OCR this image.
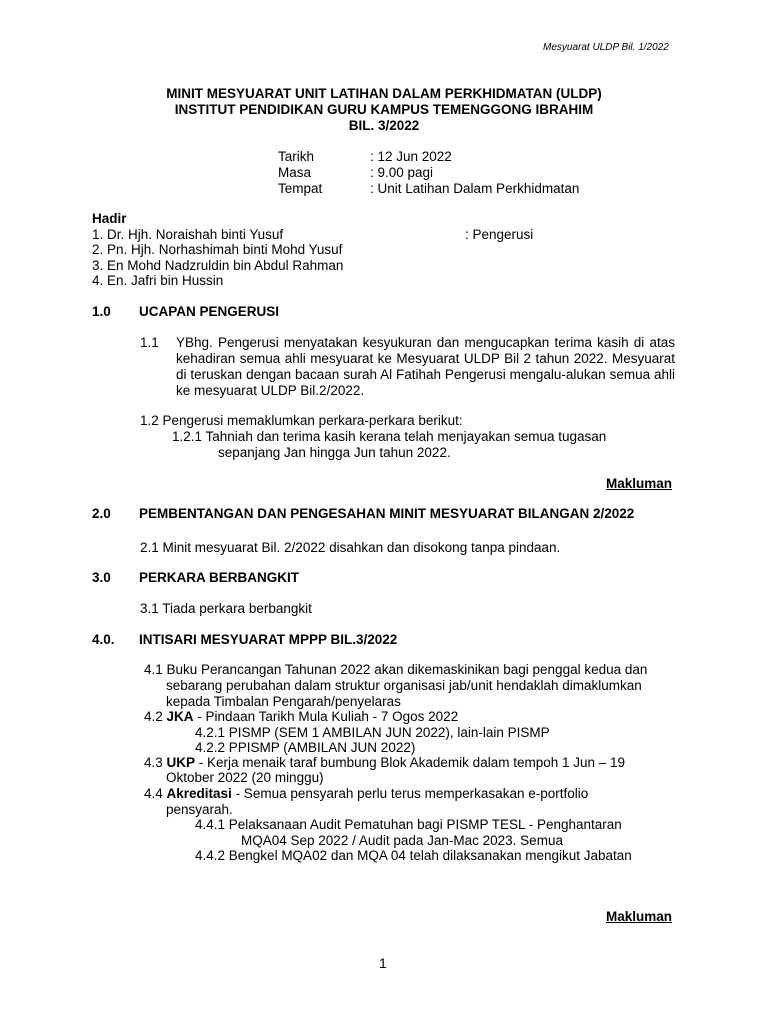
Mesyuarat ULDP Bil. 1/2022
MINIT MESYUARAT UNIT LATIHAN DALAM PERKHIDMATAN (ULDP)
INSTITUT PENDIDIKAN GURU KAMPUS TEMENGGONG IBRAHIM
BIL. 3/2022
Tarikh	: 12 Jun 2022
Masa	: 9.00 pagi
Tempat	: Unit Latihan Dalam Perkhidmatan
Hadir
1. Dr. Hjh. Noraishah binti Yusuf	: Pengerusi
2. Pn. Hjh. Norhashimah binti Mohd Yusuf
3. En Mohd Nadzruldin bin Abdul Rahman
4. En. Jafri bin Hussin
1.0 UCAPAN PENGERUSI
1.1 YBhg. Pengerusi menyatakan kesyukuran dan mengucapkan terima kasih di atas kehadiran semua ahli mesyuarat ke Mesyuarat ULDP Bil 2 tahun 2022. Mesyuarat di teruskan dengan bacaan surah Al Fatihah Pengerusi mengalu-alukan semua ahli ke mesyuarat ULDP Bil.2/2022.
1.2 Pengerusi memaklumkan perkara-perkara berikut:
1.2.1 Tahniah dan terima kasih kerana telah menjayakan semua tugasan
sepanjang Jan hingga Jun tahun 2022.
Makluman
2.0 PEMBENTANGAN DAN PENGESAHAN MINIT MESYUARAT BILANGAN 2/2022
2.1 Minit mesyuarat Bil. 2/2022 disahkan dan disokong tanpa pindaan.
3.0 PERKARA BERBANGKIT
3.1 Tiada perkara berbangkit
4.0. INTISARI MESYUARAT MPPP BIL.3/2022
4.1 Buku Perancangan Tahunan 2022 akan dikemaskinikan bagi penggal kedua dan
sebarang perubahan dalam struktur organisasi jab/unit hendaklah dimaklumkan
kepada Timbalan Pengarah/penyelaras
4.2 JKA - Pindaan Tarikh Mula Kuliah - 7 Ogos 2022
4.2.1 PISMP (SEM 1 AMBILAN JUN 2022), lain-lain PISMP
4.2.2 PPISMP (AMBILAN JUN 2022)
4.3 UKP - Kerja menaik taraf bumbung Blok Akademik dalam tempoh 1 Jun – 19
Oktober 2022 (20 minggu)
4.4 Akreditasi - Semua pensyarah perlu terus memperkasakan e-portfolio
pensyarah.
4.4.1 Pelaksanaan Audit Pematuhan bagi PISMP TESL - Penghantaran
MQA04 Sep 2022 / Audit pada Jan-Mac 2023. Semua
4.4.2 Bengkel MQA02 dan MQA 04 telah dilaksanakan mengikut Jabatan
Makluman
1
